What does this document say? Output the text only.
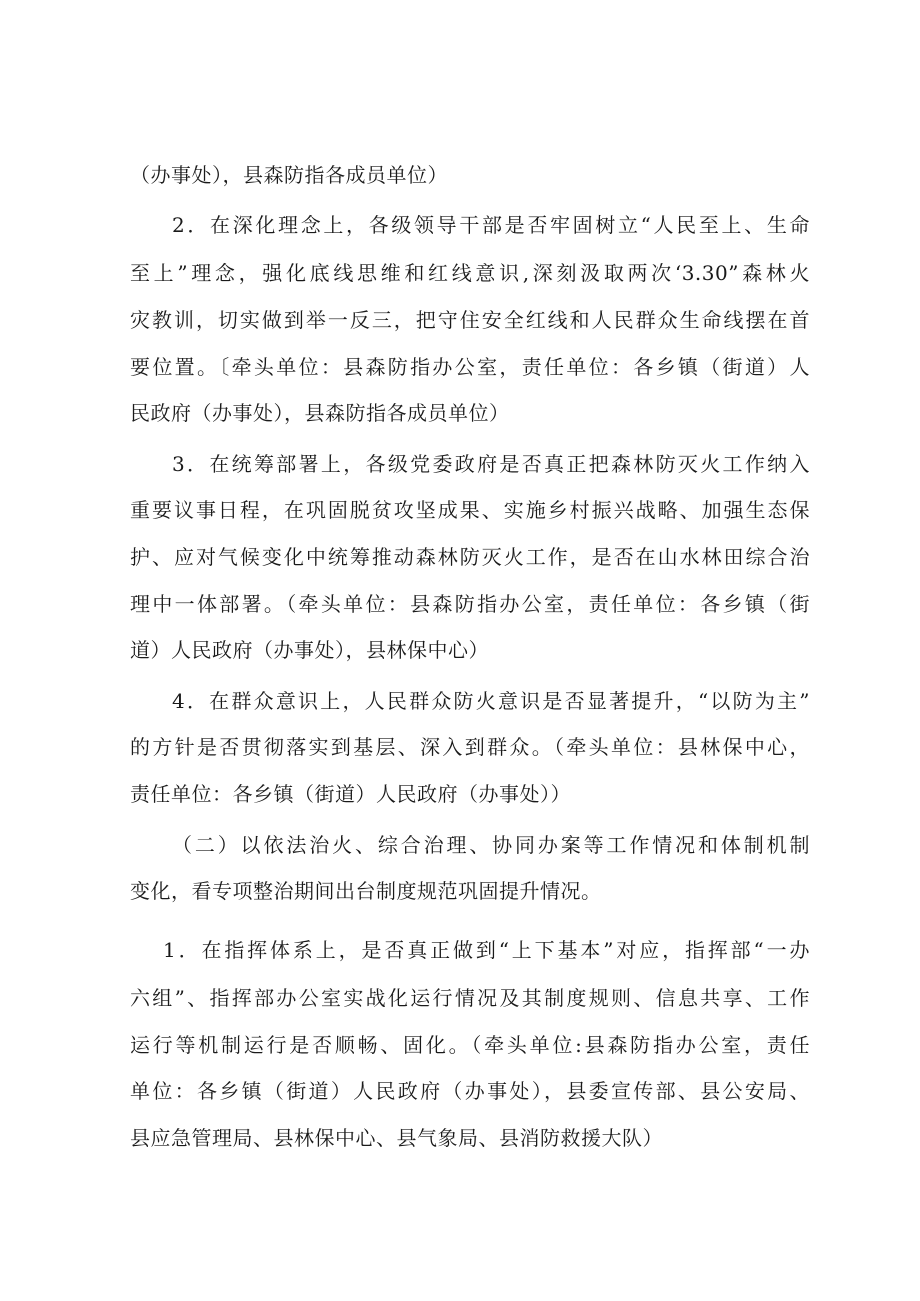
（办事处），县森防指各成员单位）
2．在深化理念上，各级领导干部是否牢固树立“人民至上、生命
至上”理念，强化底线思维和红线意识,深刻汲取两次‘3.30”森林火
灾教训，切实做到举一反三，把守住安全红线和人民群众生命线摆在首
要位置。〔牵头单位：县森防指办公室，责任单位：各乡镇（街道）人
民政府（办事处），县森防指各成员单位）
3．在统筹部署上，各级党委政府是否真正把森林防灭火工作纳入
重要议事日程，在巩固脱贫攻坚成果、实施乡村振兴战略、加强生态保
护、应对气候变化中统筹推动森林防灭火工作，是否在山水林田综合治
理中一体部署。（牵头单位：县森防指办公室，责任单位：各乡镇（街
道）人民政府（办事处），县林保中心）
4．在群众意识上，人民群众防火意识是否显著提升，“以防为主”
的方针是否贯彻落实到基层、深入到群众。（牵头单位：县林保中心，
责任单位：各乡镇（街道）人民政府（办事处））
（二）以依法治火、综合治理、协同办案等工作情况和体制机制
变化，看专项整治期间出台制度规范巩固提升情况。
1．在指挥体系上，是否真正做到“上下基本”对应，指挥部“一办
六组”、指挥部办公室实战化运行情况及其制度规则、信息共享、工作
运行等机制运行是否顺畅、固化。（牵头单位:县森防指办公室，责任
单位：各乡镇（街道）人民政府（办事处），县委宣传部、县公安局、
县应急管理局、县林保中心、县气象局、县消防救援大队）
